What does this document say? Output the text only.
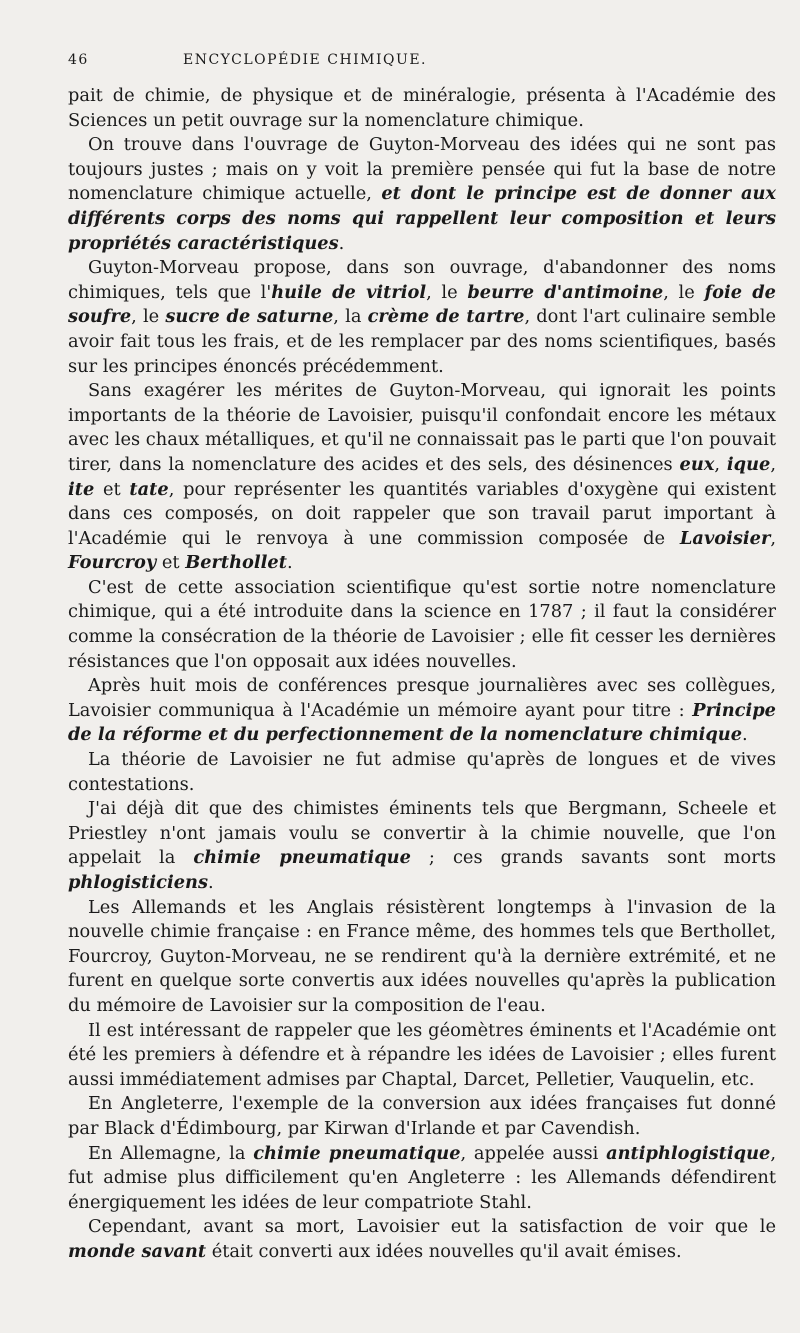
46	ENCYCLOPÉDIE CHIMIQUE.

pait de chimie, de physique et de minéralogie, présenta à l'Académie des Sciences un petit ouvrage sur la nomenclature chimique.

On trouve dans l'ouvrage de Guyton-Morveau des idées qui ne sont pas toujours justes ; mais on y voit la première pensée qui fut la base de notre nomenclature chimique actuelle, et dont le principe est de donner aux différents corps des noms qui rappellent leur composition et leurs propriétés caractéristiques.

Guyton-Morveau propose, dans son ouvrage, d'abandonner des noms chimiques, tels que l'huile de vitriol, le beurre d'antimoine, le foie de soufre, le sucre de saturne, la crème de tartre, dont l'art culinaire semble avoir fait tous les frais, et de les remplacer par des noms scientifiques, basés sur les principes énoncés précédemment.

Sans exagérer les mérites de Guyton-Morveau, qui ignorait les points importants de la théorie de Lavoisier, puisqu'il confondait encore les métaux avec les chaux métalliques, et qu'il ne connaissait pas le parti que l'on pouvait tirer, dans la nomenclature des acides et des sels, des désinences eux, ique, ite et tate, pour représenter les quantités variables d'oxygène qui existent dans ces composés, on doit rappeler que son travail parut important à l'Académie qui le renvoya à une commission composée de Lavoisier, Fourcroy et Berthollet.

C'est de cette association scientifique qu'est sortie notre nomenclature chimique, qui a été introduite dans la science en 1787 ; il faut la considérer comme la consécration de la théorie de Lavoisier ; elle fit cesser les dernières résistances que l'on opposait aux idées nouvelles.

Après huit mois de conférences presque journalières avec ses collègues, Lavoisier communiqua à l'Académie un mémoire ayant pour titre : Principe de la réforme et du perfectionnement de la nomenclature chimique.

La théorie de Lavoisier ne fut admise qu'après de longues et de vives contestations.

J'ai déjà dit que des chimistes éminents tels que Bergmann, Scheele et Priestley n'ont jamais voulu se convertir à la chimie nouvelle, que l'on appelait la chimie pneumatique ; ces grands savants sont morts phlogisticiens.

Les Allemands et les Anglais résistèrent longtemps à l'invasion de la nouvelle chimie française : en France même, des hommes tels que Berthollet, Fourcroy, Guyton-Morveau, ne se rendirent qu'à la dernière extrémité, et ne furent en quelque sorte convertis aux idées nouvelles qu'après la publication du mémoire de Lavoisier sur la composition de l'eau.

Il est intéressant de rappeler que les géomètres éminents et l'Académie ont été les premiers à défendre et à répandre les idées de Lavoisier ; elles furent aussi immédiatement admises par Chaptal, Darcet, Pelletier, Vauquelin, etc.

En Angleterre, l'exemple de la conversion aux idées françaises fut donné par Black d'Édimbourg, par Kirwan d'Irlande et par Cavendish.

En Allemagne, la chimie pneumatique, appelée aussi antiphlogistique, fut admise plus difficilement qu'en Angleterre : les Allemands défendirent énergiquement les idées de leur compatriote Stahl.

Cependant, avant sa mort, Lavoisier eut la satisfaction de voir que le monde savant était converti aux idées nouvelles qu'il avait émises.
